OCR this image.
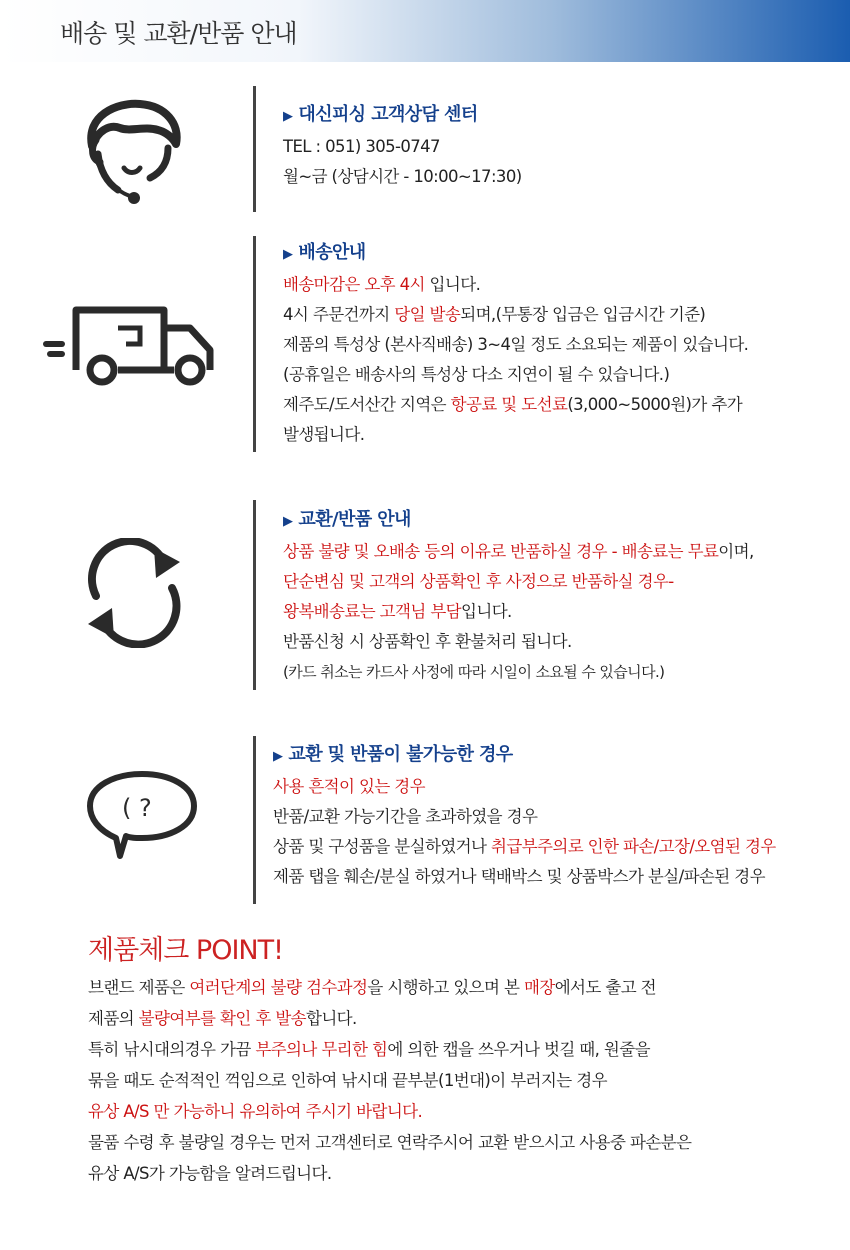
배송 및 교환/반품 안내
▶ 대신피싱 고객상담 센터
TEL : 051) 305-0747
월~금 (상담시간 - 10:00~17:30)
▶ 배송안내
배송마감은 오후 4시 입니다.
4시 주문건까지 당일 발송되며,(무통장 입금은 입금시간 기준)
제품의 특성상 (본사직배송) 3~4일 정도 소요되는 제품이 있습니다.
(공휴일은 배송사의 특성상 다소 지연이 될 수 있습니다.)
제주도/도서산간 지역은 항공료 및 도선료(3,000~5000원)가 추가
발생됩니다.
▶ 교환/반품 안내
상품 불량 및 오배송 등의 이유로 반품하실 경우 - 배송료는 무료이며,
단순변심 및 고객의 상품확인 후 사정으로 반품하실 경우-
왕복배송료는 고객님 부담입니다.
반품신청 시 상품확인 후 환불처리 됩니다.
(카드 취소는 카드사 사정에 따라 시일이 소요될 수 있습니다.)
( ?
▶ 교환 및 반품이 불가능한 경우
사용 흔적이 있는 경우
반품/교환 가능기간을 초과하였을 경우
상품 및 구성품을 분실하였거나 취급부주의로 인한 파손/고장/오염된 경우
제품 탭을 훼손/분실 하였거나 택배박스 및 상품박스가 분실/파손된 경우
제품체크 POINT!

브랜드 제품은 여러단계의 불량 검수과정을 시행하고 있으며 본 매장에서도 출고 전

제품의 불량여부를 확인 후 발송합니다.

특히 낚시대의경우 가끔 부주의나 무리한 힘에 의한 캡을 쓰우거나 벗길 때, 원줄을

묶을 때도 순적적인 꺽임으로 인하여 낚시대 끝부분(1번대)이 부러지는 경우

유상 A/S 만 가능하니 유의하여 주시기 바랍니다.

물품 수령 후 불량일 경우는 먼저 고객센터로 연락주시어 교환 받으시고 사용중 파손분은

유상 A/S가 가능함을 알려드립니다.
